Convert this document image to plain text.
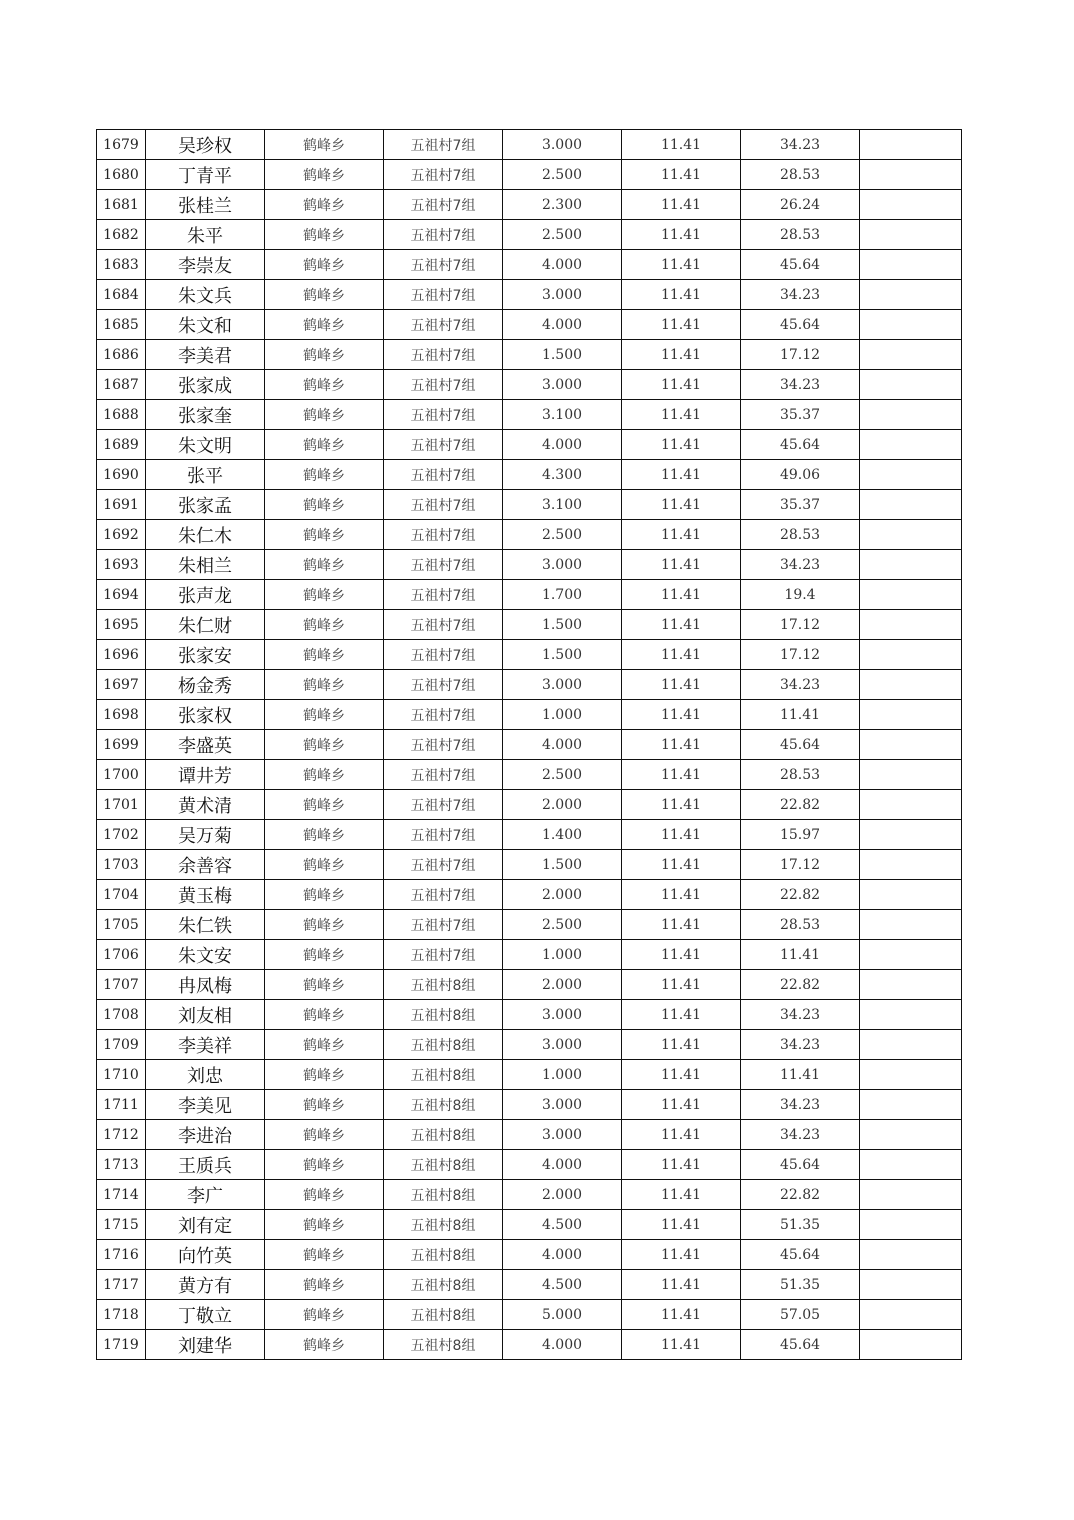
1679	吴珍权	鹤峰乡	五祖村7组	3.000	11.41	34.23	
1680	丁青平	鹤峰乡	五祖村7组	2.500	11.41	28.53	
1681	张桂兰	鹤峰乡	五祖村7组	2.300	11.41	26.24	
1682	朱平	鹤峰乡	五祖村7组	2.500	11.41	28.53	
1683	李崇友	鹤峰乡	五祖村7组	4.000	11.41	45.64	
1684	朱文兵	鹤峰乡	五祖村7组	3.000	11.41	34.23	
1685	朱文和	鹤峰乡	五祖村7组	4.000	11.41	45.64	
1686	李美君	鹤峰乡	五祖村7组	1.500	11.41	17.12	
1687	张家成	鹤峰乡	五祖村7组	3.000	11.41	34.23	
1688	张家奎	鹤峰乡	五祖村7组	3.100	11.41	35.37	
1689	朱文明	鹤峰乡	五祖村7组	4.000	11.41	45.64	
1690	张平	鹤峰乡	五祖村7组	4.300	11.41	49.06	
1691	张家孟	鹤峰乡	五祖村7组	3.100	11.41	35.37	
1692	朱仁木	鹤峰乡	五祖村7组	2.500	11.41	28.53	
1693	朱相兰	鹤峰乡	五祖村7组	3.000	11.41	34.23	
1694	张声龙	鹤峰乡	五祖村7组	1.700	11.41	19.4	
1695	朱仁财	鹤峰乡	五祖村7组	1.500	11.41	17.12	
1696	张家安	鹤峰乡	五祖村7组	1.500	11.41	17.12	
1697	杨金秀	鹤峰乡	五祖村7组	3.000	11.41	34.23	
1698	张家权	鹤峰乡	五祖村7组	1.000	11.41	11.41	
1699	李盛英	鹤峰乡	五祖村7组	4.000	11.41	45.64	
1700	谭井芳	鹤峰乡	五祖村7组	2.500	11.41	28.53	
1701	黄术清	鹤峰乡	五祖村7组	2.000	11.41	22.82	
1702	吴万菊	鹤峰乡	五祖村7组	1.400	11.41	15.97	
1703	余善容	鹤峰乡	五祖村7组	1.500	11.41	17.12	
1704	黄玉梅	鹤峰乡	五祖村7组	2.000	11.41	22.82	
1705	朱仁铁	鹤峰乡	五祖村7组	2.500	11.41	28.53	
1706	朱文安	鹤峰乡	五祖村7组	1.000	11.41	11.41	
1707	冉凤梅	鹤峰乡	五祖村8组	2.000	11.41	22.82	
1708	刘友相	鹤峰乡	五祖村8组	3.000	11.41	34.23	
1709	李美祥	鹤峰乡	五祖村8组	3.000	11.41	34.23	
1710	刘忠	鹤峰乡	五祖村8组	1.000	11.41	11.41	
1711	李美见	鹤峰乡	五祖村8组	3.000	11.41	34.23	
1712	李进治	鹤峰乡	五祖村8组	3.000	11.41	34.23	
1713	王质兵	鹤峰乡	五祖村8组	4.000	11.41	45.64	
1714	李广	鹤峰乡	五祖村8组	2.000	11.41	22.82	
1715	刘有定	鹤峰乡	五祖村8组	4.500	11.41	51.35	
1716	向竹英	鹤峰乡	五祖村8组	4.000	11.41	45.64	
1717	黄方有	鹤峰乡	五祖村8组	4.500	11.41	51.35	
1718	丁敬立	鹤峰乡	五祖村8组	5.000	11.41	57.05	
1719	刘建华	鹤峰乡	五祖村8组	4.000	11.41	45.64	
